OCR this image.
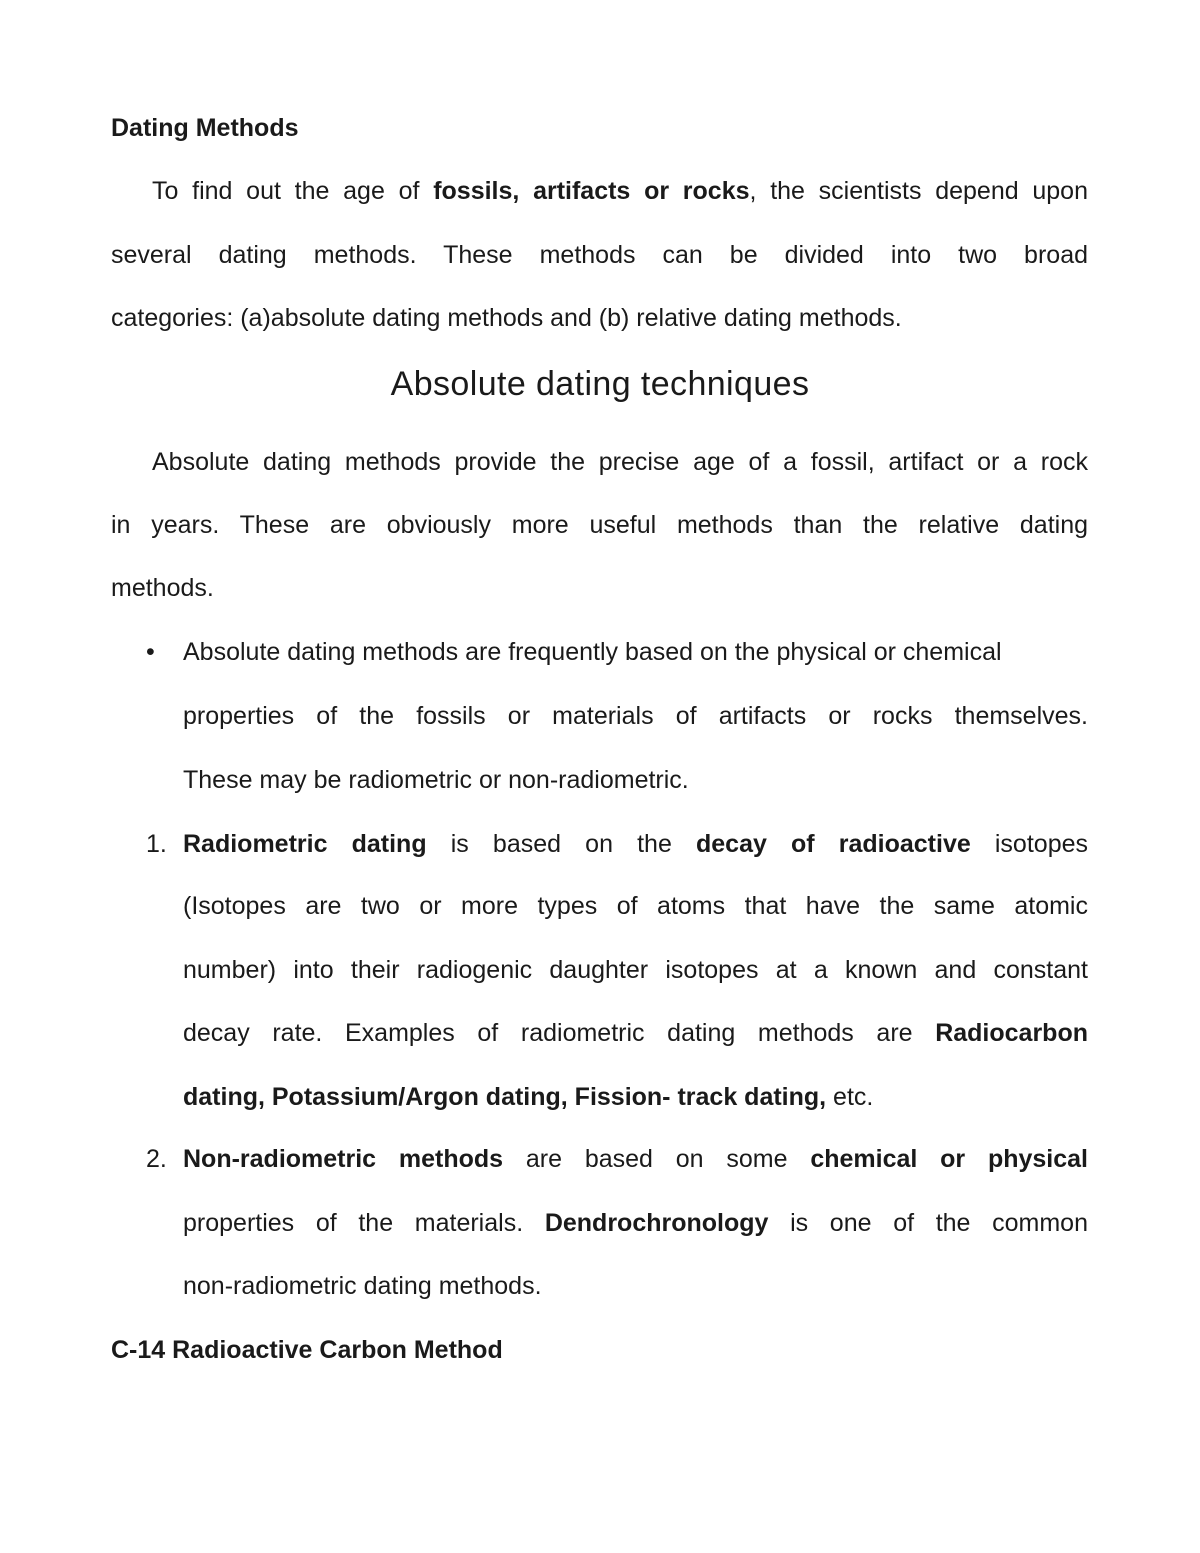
Dating Methods
To find out the age of fossils, artifacts or rocks, the scientists depend upon
several dating methods. These methods can be divided into two broad
categories: (a)absolute dating methods and (b) relative dating methods.
Absolute dating techniques
Absolute dating methods provide the precise age of a fossil, artifact or a rock
in years. These are obviously more useful methods than the relative dating
methods.
• Absolute dating methods are frequently based on the physical or chemical
properties of the fossils or materials of artifacts or rocks themselves.
These may be radiometric or non-radiometric.
1. Radiometric dating is based on the decay of radioactive isotopes
(Isotopes are two or more types of atoms that have the same atomic
number) into their radiogenic daughter isotopes at a known and constant
decay rate. Examples of radiometric dating methods are Radiocarbon
dating, Potassium/Argon dating, Fission- track dating, etc.
2. Non-radiometric methods are based on some chemical or physical
properties of the materials. Dendrochronology is one of the common
non-radiometric dating methods.
C-14 Radioactive Carbon Method
